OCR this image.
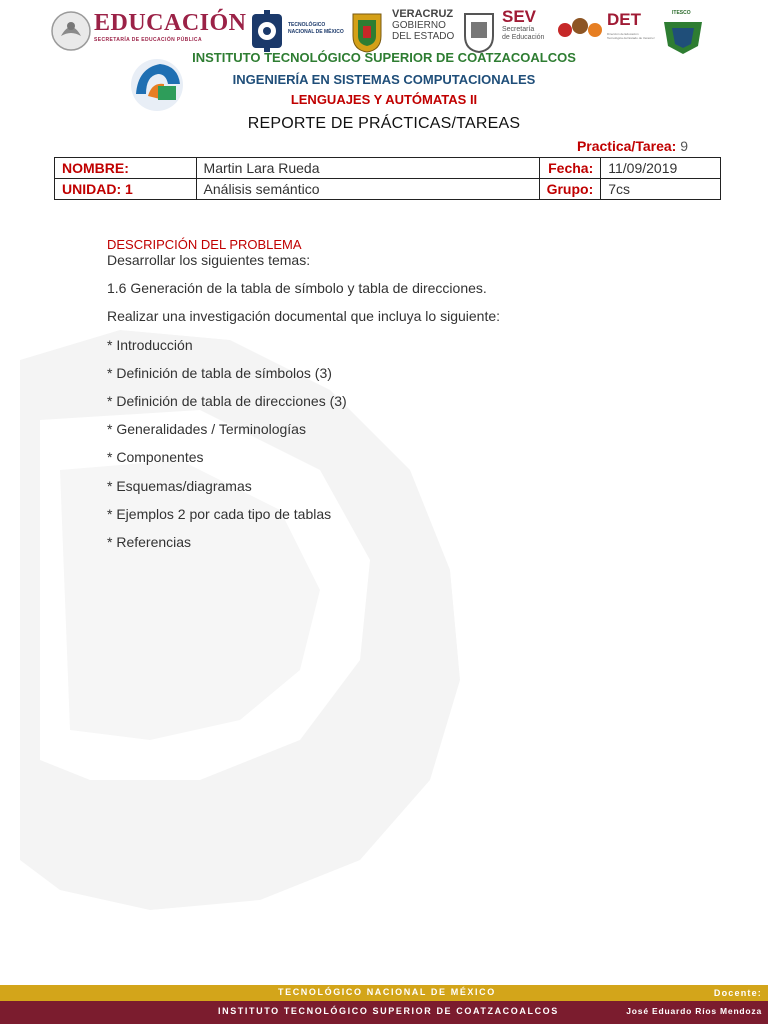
EDUCACIÓN
SECRETARÍA DE EDUCACIÓN PÚBLICA
TECNOLÓGICO
NACIONAL DE MÉXICO
VERACRUZ
GOBIERNO
DEL ESTADO
SEV
Secretaría
de Educación
DET
Dirección de Educación Tecnológica del Estado de Veracruz
ITESCO
INSTITUTO TECNOLÓGICO SUPERIOR DE COATZACOALCOS
INGENIERÍA EN SISTEMAS COMPUTACIONALES
LENGUAJES Y AUTÓMATAS II
REPORTE DE PRÁCTICAS/TAREAS
Practica/Tarea: 9
NOMBRE:	Martin Lara Rueda	Fecha:	11/09/2019
UNIDAD: 1	Análisis semántico	Grupo:	7cs
DESCRIPCIÓN DEL PROBLEMA

Desarrollar los siguientes temas:

1.6 Generación de la tabla de símbolo y tabla de direcciones.

Realizar una investigación documental que incluya lo siguiente:

* Introducción

* Definición de tabla de símbolos (3)

* Definición de tabla de direcciones (3)

* Generalidades / Terminologías

* Componentes

* Esquemas/diagramas

* Ejemplos 2 por cada tipo de tablas

* Referencias

TECNOLÓGICO NACIONAL DE MÉXICO	Docente:
INSTITUTO TECNOLÓGICO SUPERIOR DE COATZACOALCOS	José Eduardo Ríos Mendoza
